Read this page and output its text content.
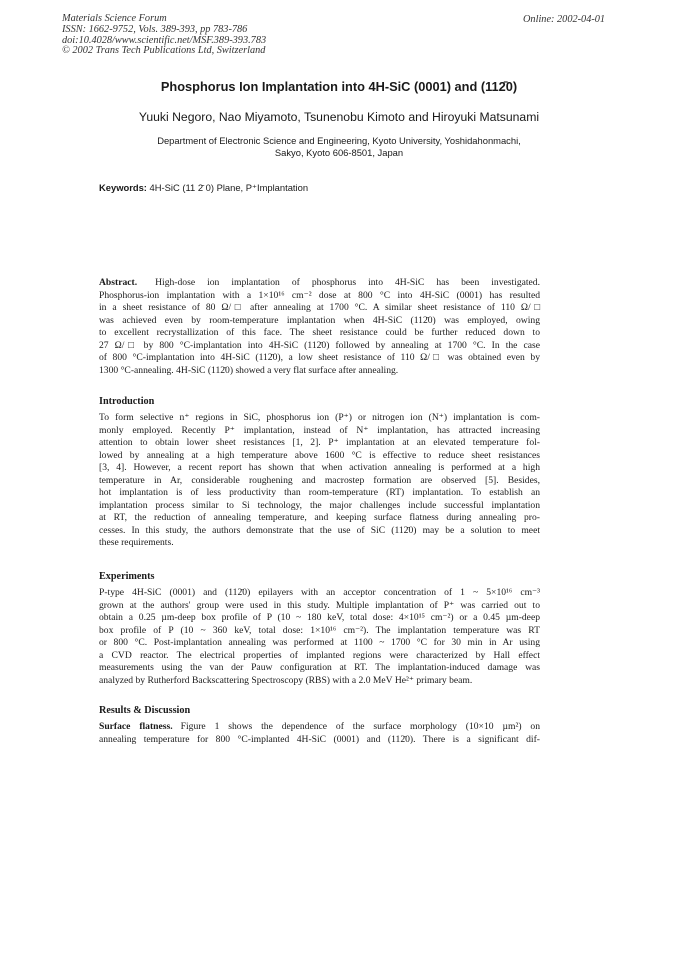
Materials Science Forum
ISSN: 1662-9752, Vols. 389-393, pp 783-786
doi:10.4028/www.scientific.net/MSF.389-393.783
© 2002 Trans Tech Publications Ltd, Switzerland
Online: 2002-04-01
Phosphorus Ion Implantation into 4H-SiC (0001) and (112̄0)
Yuuki Negoro, Nao Miyamoto, Tsunenobu Kimoto and Hiroyuki Matsunami
Department of Electronic Science and Engineering, Kyoto University, Yoshidahonmachi,
Sakyo, Kyoto 606-8501, Japan
Keywords: 4H-SiC (11 2̄ 0) Plane, P⁺Implantation
Abstract. High-dose ion implantation of phosphorus into 4H-SiC has been investigated.
Phosphorus-ion implantation with a 1×10¹⁶ cm⁻² dose at 800 °C into 4H-SiC (0001) has resulted
in a sheet resistance of 80 Ω/□ after annealing at 1700 °C. A similar sheet resistance of 110 Ω/□
was achieved even by room-temperature implantation when 4H-SiC (112̄0) was employed, owing
to excellent recrystallization of this face. The sheet resistance could be further reduced down to
27 Ω/□ by 800 °C-implantation into 4H-SiC (112̄0) followed by annealing at 1700 °C. In the case
of 800 °C-implantation into 4H-SiC (112̄0), a low sheet resistance of 110 Ω/□ was obtained even by
1300 °C-annealing. 4H-SiC (112̄0) showed a very flat surface after annealing.
Introduction
To form selective n⁺ regions in SiC, phosphorus ion (P⁺) or nitrogen ion (N⁺) implantation is com-
monly employed. Recently P⁺ implantation, instead of N⁺ implantation, has attracted increasing
attention to obtain lower sheet resistances [1, 2]. P⁺ implantation at an elevated temperature fol-
lowed by annealing at a high temperature above 1600 °C is effective to reduce sheet resistances
[3, 4]. However, a recent report has shown that when activation annealing is performed at a high
temperature in Ar, considerable roughening and macrostep formation are observed [5]. Besides,
hot implantation is of less productivity than room-temperature (RT) implantation. To establish an
implantation process similar to Si technology, the major challenges include successful implantation
at RT, the reduction of annealing temperature, and keeping surface flatness during annealing pro-
cesses. In this study, the authors demonstrate that the use of SiC (112̄0) may be a solution to meet
these requirements.
Experiments
P-type 4H-SiC (0001) and (112̄0) epilayers with an acceptor concentration of 1 ~ 5×10¹⁶ cm⁻³
grown at the authors' group were used in this study. Multiple implantation of P⁺ was carried out to
obtain a 0.25 µm-deep box profile of P (10 ~ 180 keV, total dose: 4×10¹⁵ cm⁻²) or a 0.45 µm-deep
box profile of P (10 ~ 360 keV, total dose: 1×10¹⁶ cm⁻²). The implantation temperature was RT
or 800 °C. Post-implantation annealing was performed at 1100 ~ 1700 °C for 30 min in Ar using
a CVD reactor. The electrical properties of implanted regions were characterized by Hall effect
measurements using the van der Pauw configuration at RT. The implantation-induced damage was
analyzed by Rutherford Backscattering Spectroscopy (RBS) with a 2.0 MeV He²⁺ primary beam.
Results & Discussion
Surface flatness. Figure 1 shows the dependence of the surface morphology (10×10 µm²) on
annealing temperature for 800 °C-implanted 4H-SiC (0001) and (112̄0). There is a significant dif-
